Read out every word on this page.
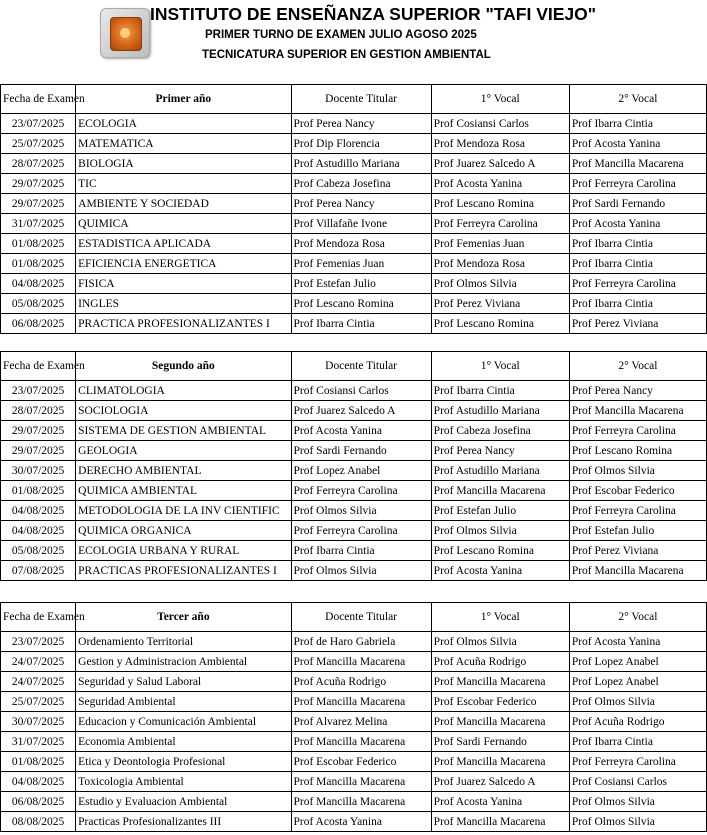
INSTITUTO DE ENSEÑANZA SUPERIOR "TAFI VIEJO"
PRIMER TURNO DE EXAMEN JULIO AGOSO 2025
TECNICATURA SUPERIOR EN GESTION AMBIENTAL
Fecha de Examen	Primer año	Docente Titular	1° Vocal	2° Vocal
23/07/2025	ECOLOGIA	Prof Perea Nancy	Prof Cosiansi Carlos	Prof Ibarra Cintia
25/07/2025	MATEMATICA	Prof Dip Florencia	Prof Mendoza Rosa	Prof Acosta Yanina
28/07/2025	BIOLOGIA	Prof Astudillo Mariana	Prof Juarez Salcedo A	Prof Mancilla Macarena
29/07/2025	TIC	Prof Cabeza Josefina	Prof Acosta Yanina	Prof Ferreyra Carolina
29/07/2025	AMBIENTE Y SOCIEDAD	Prof Perea Nancy	Prof Lescano Romina	Prof Sardi Fernando
31/07/2025	QUIMICA	Prof Villafañe Ivone	Prof Ferreyra Carolina	Prof Acosta Yanina
01/08/2025	ESTADISTICA APLICADA	Prof Mendoza Rosa	Prof Femenias Juan	Prof Ibarra Cintia
01/08/2025	EFICIENCIA ENERGETICA	Prof Femenias Juan	Prof Mendoza Rosa	Prof Ibarra Cintia
04/08/2025	FISICA	Prof Estefan Julio	Prof Olmos Silvia	Prof Ferreyra Carolina
05/08/2025	INGLES	Prof Lescano Romina	Prof Perez Viviana	Prof Ibarra Cintia
06/08/2025	PRACTICA PROFESIONALIZANTES I	Prof Ibarra Cintia	Prof Lescano Romina	Prof Perez Viviana
Fecha de Examen	Segundo año	Docente Titular	1° Vocal	2° Vocal
23/07/2025	CLIMATOLOGIA	Prof Cosiansi Carlos	Prof Ibarra Cintia	Prof Perea Nancy
28/07/2025	SOCIOLOGIA	Prof Juarez Salcedo A	Prof Astudillo Mariana	Prof Mancilla Macarena
29/07/2025	SISTEMA DE GESTION AMBIENTAL	Prof Acosta Yanina	Prof Cabeza Josefina	Prof Ferreyra Carolina
29/07/2025	GEOLOGIA	Prof Sardi Fernando	Prof Perea Nancy	Prof Lescano Romina
30/07/2025	DERECHO AMBIENTAL	Prof Lopez Anabel	Prof Astudillo Mariana	Prof Olmos Silvia
01/08/2025	QUIMICA AMBIENTAL	Prof Ferreyra Carolina	Prof Mancilla Macarena	Prof Escobar Federico
04/08/2025	METODOLOGIA DE LA INV CIENTIFIC	Prof Olmos Silvia	Prof Estefan Julio	Prof Ferreyra Carolina
04/08/2025	QUIMICA ORGANICA	Prof Ferreyra Carolina	Prof Olmos Silvia	Prof Estefan Julio
05/08/2025	ECOLOGIA URBANA Y RURAL	Prof Ibarra Cintia	Prof Lescano Romina	Prof Perez Viviana
07/08/2025	PRACTICAS PROFESIONALIZANTES I	Prof Olmos Silvia	Prof Acosta Yanina	Prof Mancilla Macarena
Fecha de Examen	Tercer año	Docente Titular	1° Vocal	2° Vocal
23/07/2025	Ordenamiento Territorial	Prof de Haro Gabriela	Prof Olmos Silvia	Prof Acosta Yanina
24/07/2025	Gestion y Administracion Ambiental	Prof Mancilla Macarena	Prof Acuña Rodrigo	Prof Lopez Anabel
24/07/2025	Seguridad y Salud Laboral	Prof Acuña Rodrigo	Prof Mancilla Macarena	Prof Lopez Anabel
25/07/2025	Seguridad Ambiental	Prof Mancilla Macarena	Prof Escobar Federico	Prof Olmos Silvia
30/07/2025	Educacion y Comunicación Ambiental	Prof Alvarez Melina	Prof Mancilla Macarena	Prof Acuña Rodrigo
31/07/2025	Economia Ambiental	Prof Mancilla Macarena	Prof Sardi Fernando	Prof Ibarra Cintia
01/08/2025	Etica y Deontologia Profesional	Prof Escobar Federico	Prof Mancilla Macarena	Prof Ferreyra Carolina
04/08/2025	Toxicologia Ambiental	Prof Mancilla Macarena	Prof Juarez Salcedo A	Prof Cosiansi Carlos
06/08/2025	Estudio y Evaluacion Ambiental	Prof Mancilla Macarena	Prof Acosta Yanina	Prof Olmos Silvia
08/08/2025	Practicas Profesionalizantes III	Prof Acosta Yanina	Prof Mancilla Macarena	Prof Olmos Silvia
